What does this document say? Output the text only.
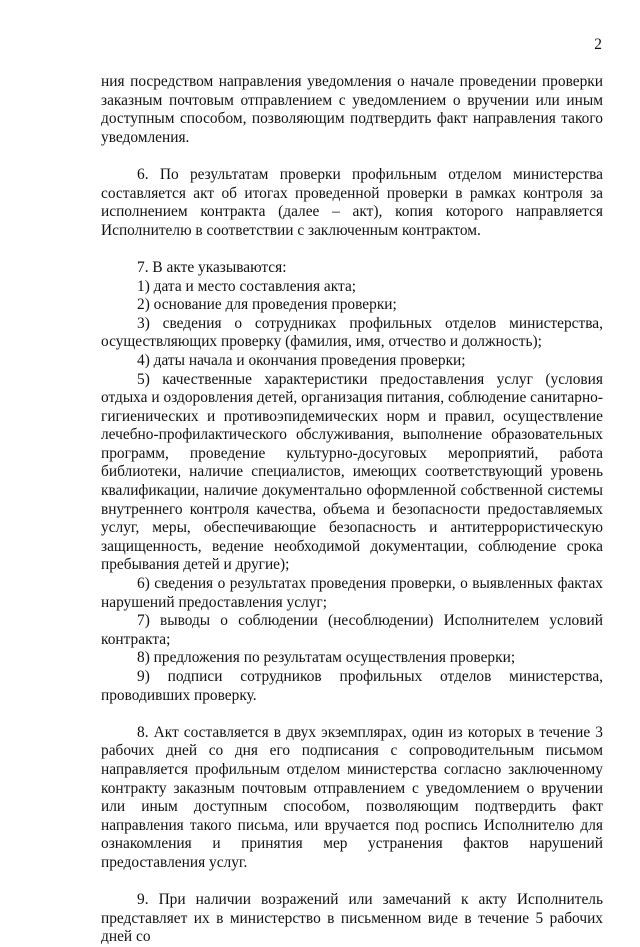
2

ния посредством направления уведомления о начале проведении проверки заказным почтовым отправлением с уведомлением о вручении или иным доступным способом, позволяющим подтвердить факт направления такого уведомления.

6. По результатам проверки профильным отделом министерства составляется акт об итогах проведенной проверки в рамках контроля за исполнением контракта (далее – акт), копия которого направляется Исполнителю в соответствии с заключенным контрактом.

7. В акте указываются:

1) дата и место составления акта;

2) основание для проведения проверки;

3) сведения о сотрудниках профильных отделов министерства, осуществляющих проверку (фамилия, имя, отчество и должность);

4) даты начала и окончания проведения проверки;

5) качественные характеристики предоставления услуг (условия отдыха и оздоровления детей, организация питания, соблюдение санитарно-гигиенических и противоэпидемических норм и правил, осуществление лечебно-профилактического обслуживания, выполнение образовательных программ, проведение культурно-досуговых мероприятий, работа библиотеки, наличие специалистов, имеющих соответствующий уровень квалификации, наличие документально оформленной собственной системы внутреннего контроля качества, объема и безопасности предоставляемых услуг, меры, обеспечивающие безопасность и антитеррористическую защищенность, ведение необходимой документации, соблюдение срока пребывания детей и другие);

6) сведения о результатах проведения проверки, о выявленных фактах нарушений предоставления услуг;

7) выводы о соблюдении (несоблюдении) Исполнителем условий контракта;

8) предложения по результатам осуществления проверки;

9) подписи сотрудников профильных отделов министерства, проводивших проверку.

8. Акт составляется в двух экземплярах, один из которых в течение 3 рабочих дней со дня его подписания с сопроводительным письмом направляется профильным отделом министерства согласно заключенному контракту заказным почтовым отправлением с уведомлением о вручении или иным доступным способом, позволяющим подтвердить факт направления такого письма, или вручается под роспись Исполнителю для ознакомления и принятия мер устранения фактов нарушений предоставления услуг.

9. При наличии возражений или замечаний к акту Исполнитель представляет их в министерство в письменном виде в течение 5 рабочих дней со
